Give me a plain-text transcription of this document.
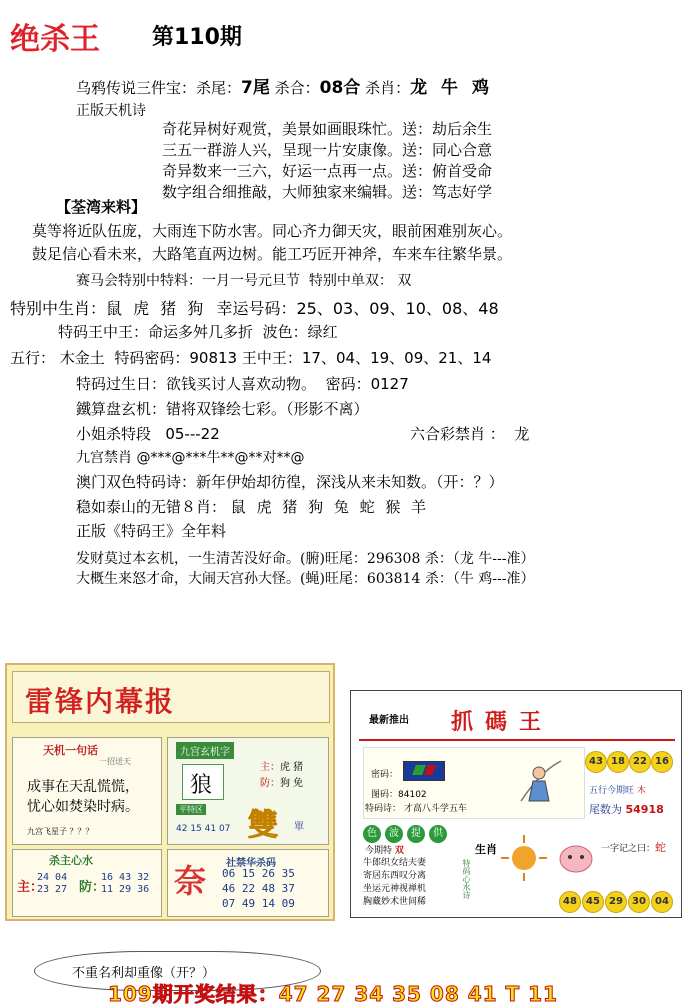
绝杀王 第110期
乌鸦传说三件宝：杀尾：7尾 杀合：08合 杀肖：龙 牛 鸡
正版天机诗
奇花异树好观赏，美景如画眼珠忙。送：劫后余生
三五一群游人兴，呈现一片安康像。送：同心合意
奇异数来一三六，好运一点再一点。送：俯首受命
数字组合细推敲，大师独家来编辑。送：笃志好学
【 荃湾来料 】
莫等将近队伍庞，大雨连下防水害。同心齐力御天灾，眼前困难别灰心。
鼓足信心看未来，大路笔直两边树。能工巧匠开神斧，车来车往繁华景。
赛马会特别中特料：一月一号元旦节 特别中单双： 双
特别中生肖：鼠 虎 猪 狗 幸运号码：25、03、09、10、08、48
特码王中王：命运多舛几多折 波色：绿红
五行： 木金土 特码密码：90813 王中王：17、04、19、09、21、14
特码过生日：欲钱买讨人喜欢动物。 密码：0127
鐵算盘玄机：错将双锋绘七彩。（形影不离）
小姐杀特段 05---22	六合彩禁肖 ： 龙
九宫禁肖 @***@***牛**@**对**@
澳门双色特码诗：新年伊始却彷徨，深浅从来未知数。（开：？）
稳如泰山的无错８肖： 鼠 虎 猪 狗 兔 蛇 猴 羊
正版《特码王》全年料
发财莫过本玄机，一生清苦没好命。(腑)旺尾：296308 杀：（龙 牛---准）
大概生来怒才命，大闹天宫孙大怪。(蝇)旺尾：603814 杀：（牛 鸡---准）
雷锋内幕报
天机一句话
一招送天
成事在天乱慌慌，
忧心如焚染时病。
九宫飞星子 ？？？
九宫玄机字
狼
平特区
42 15 41 07
主：虎 猪
防：狗 免
雙 單
杀主心水
主：
24 04
23 27 防：
16 43 32
11 29 36 奈 社禁华杀码
06 15 26 35
46 22 48 37
07 49 14 09
最新推出 抓碼王
密码：
图码：84102
特码诗： 才高八斗学五车
43 18 22 16
五行今期旺 木
尾数为 54918
色 波 提 供
今期特 双	生肖
牛郎织女结夫妻
寄居东西叹分离
坐运元神视禅机
胸藏妙术世间稀
特码心水诗
一字记之曰：蛇
48 45 29 30 04
不重名利却重像（开？）
109期开奖结果：47 27 34 35 08 41 T 11
